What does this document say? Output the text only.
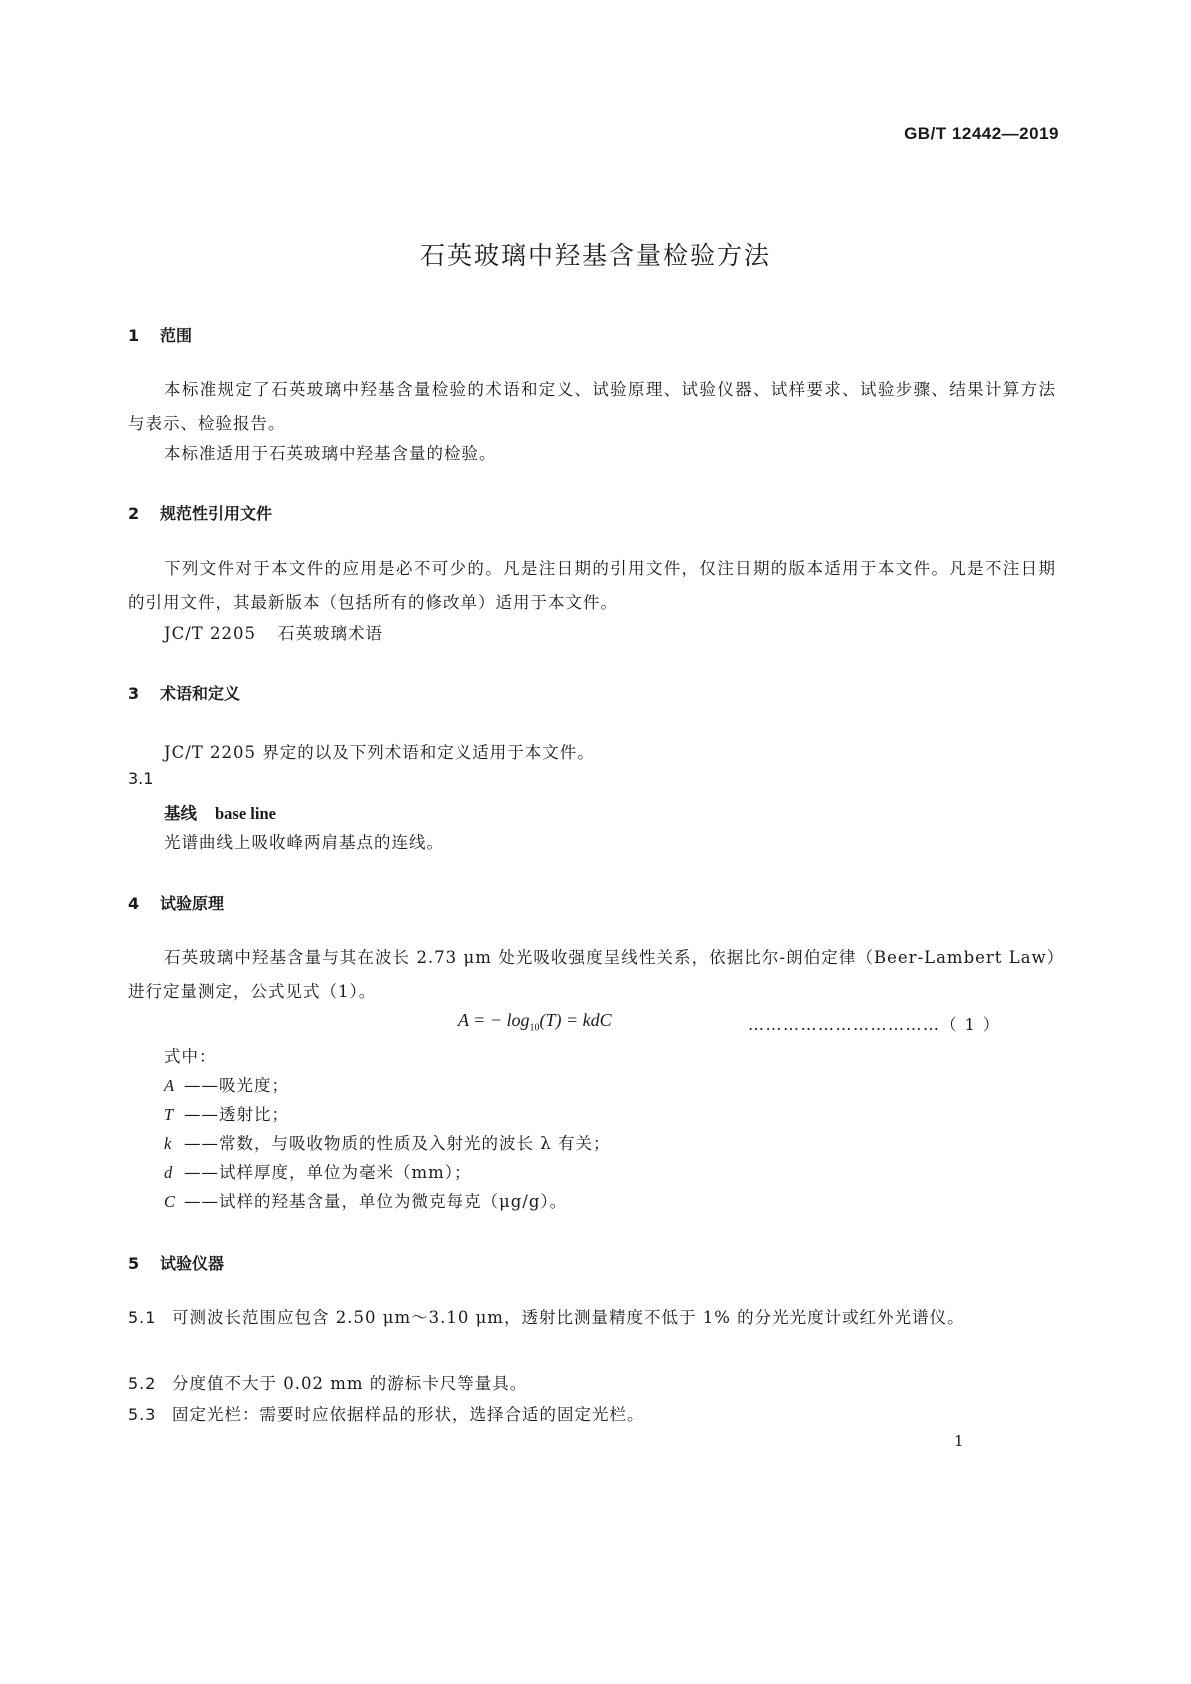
GB/T 12442—2019
石英玻璃中羟基含量检验方法
1 范围
本标准规定了石英玻璃中羟基含量检验的术语和定义、试验原理、试验仪器、试样要求、试验步骤、结果计算方法与表示、检验报告。
本标准适用于石英玻璃中羟基含量的检验。
2 规范性引用文件
下列文件对于本文件的应用是必不可少的。凡是注日期的引用文件，仅注日期的版本适用于本文件。凡是不注日期的引用文件，其最新版本（包括所有的修改单）适用于本文件。
JC/T 2205 石英玻璃术语
3 术语和定义
JC/T 2205 界定的以及下列术语和定义适用于本文件。
3.1
基线 base line
光谱曲线上吸收峰两肩基点的连线。
4 试验原理
石英玻璃中羟基含量与其在波长 2.73 μm 处光吸收强度呈线性关系，依据比尔-朗伯定律（Beer-Lambert Law）进行定量测定，公式见式（1）。
A = − $\log_{10}(T)$ = kdC	……………………………（ 1 ）
式中：
A ——吸光度；
T ——透射比；
k ——常数，与吸收物质的性质及入射光的波长 λ 有关；
d ——试样厚度，单位为毫米（mm）；
C ——试样的羟基含量，单位为微克每克（μg/g）。
5 试验仪器
5.1 可测波长范围应包含 2.50 μm～3.10 μm，透射比测量精度不低于 1% 的分光光度计或红外光谱仪。
5.2 分度值不大于 0.02 mm 的游标卡尺等量具。
5.3 固定光栏：需要时应依据样品的形状，选择合适的固定光栏。
1
